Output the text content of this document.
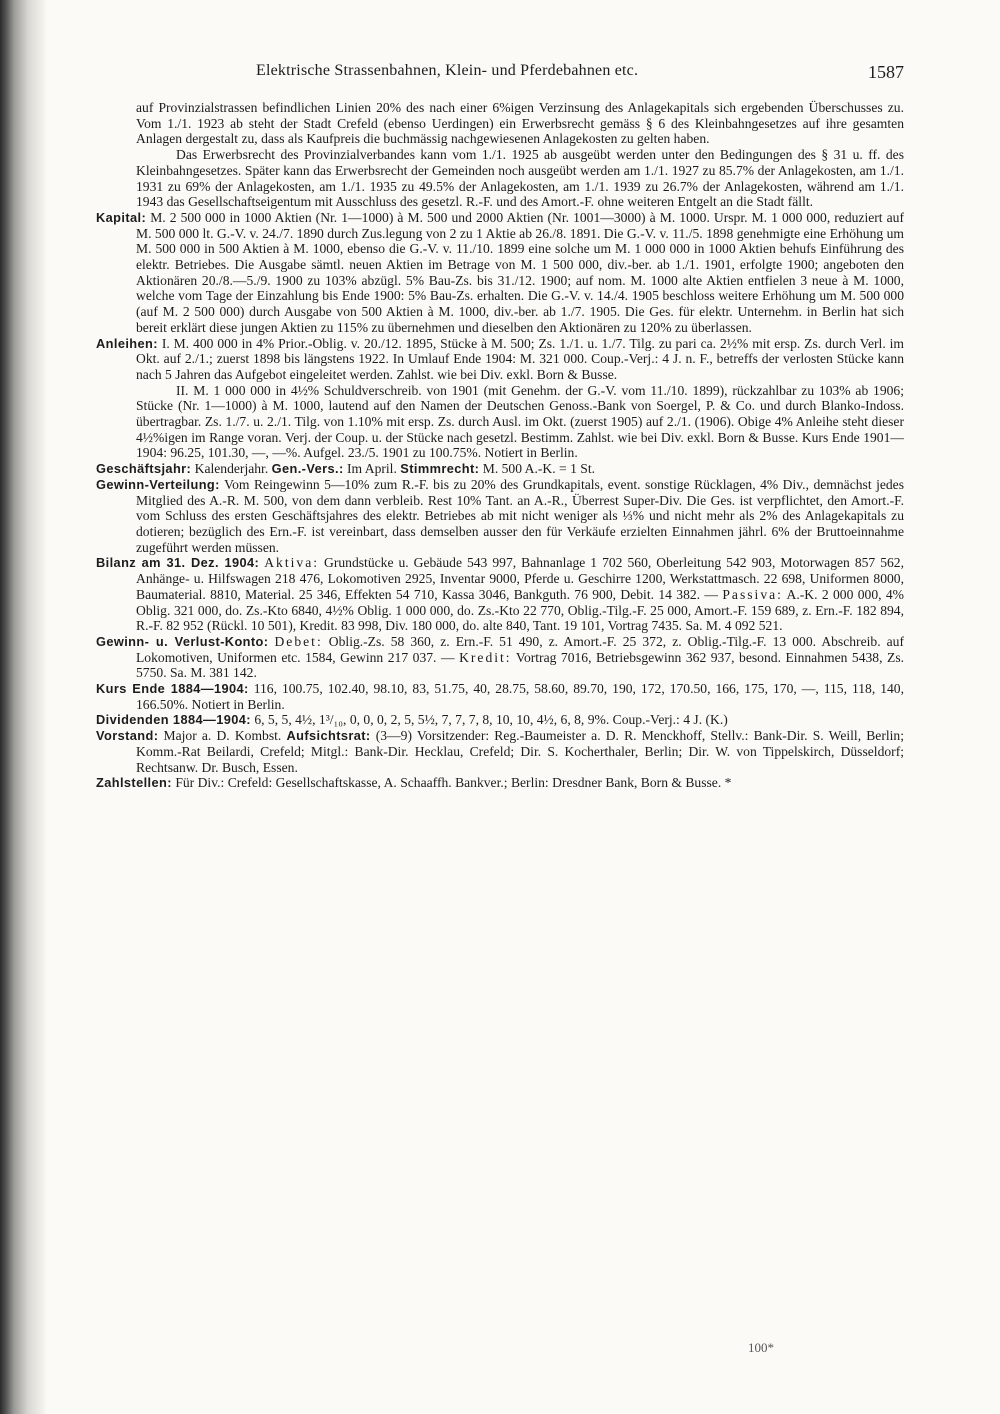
Elektrische Strassenbahnen, Klein- und Pferdebahnen etc.	1587

auf Provinzialstrassen befindlichen Linien 20% des nach einer 6%igen Verzinsung des Anlagekapitals sich ergebenden Überschusses zu. Vom 1./1. 1923 ab steht der Stadt Crefeld (ebenso Uerdingen) ein Erwerbsrecht gemäss § 6 des Kleinbahngesetzes auf ihre gesamten Anlagen dergestalt zu, dass als Kaufpreis die buchmässig nachgewiesenen Anlagekosten zu gelten haben.

Das Erwerbsrecht des Provinzialverbandes kann vom 1./1. 1925 ab ausgeübt werden unter den Bedingungen des § 31 u. ff. des Kleinbahngesetzes. Später kann das Erwerbsrecht der Gemeinden noch ausgeübt werden am 1./1. 1927 zu 85.7% der Anlagekosten, am 1./1. 1931 zu 69% der Anlagekosten, am 1./1. 1935 zu 49.5% der Anlagekosten, am 1./1. 1939 zu 26.7% der Anlagekosten, während am 1./1. 1943 das Gesellschaftseigentum mit Ausschluss des gesetzl. R.-F. und des Amort.-F. ohne weiteren Entgelt an die Stadt fällt.

Kapital: M. 2 500 000 in 1000 Aktien (Nr. 1—1000) à M. 500 und 2000 Aktien (Nr. 1001—3000) à M. 1000. Urspr. M. 1 000 000, reduziert auf M. 500 000 lt. G.-V. v. 24./7. 1890 durch Zus.legung von 2 zu 1 Aktie ab 26./8. 1891. Die G.-V. v. 11./5. 1898 genehmigte eine Erhöhung um M. 500 000 in 500 Aktien à M. 1000, ebenso die G.-V. v. 11./10. 1899 eine solche um M. 1 000 000 in 1000 Aktien behufs Einführung des elektr. Betriebes. Die Ausgabe sämtl. neuen Aktien im Betrage von M. 1 500 000, div.-ber. ab 1./1. 1901, erfolgte 1900; angeboten den Aktionären 20./8.—5./9. 1900 zu 103% abzügl. 5% Bau-Zs. bis 31./12. 1900; auf nom. M. 1000 alte Aktien entfielen 3 neue à M. 1000, welche vom Tage der Einzahlung bis Ende 1900: 5% Bau-Zs. erhalten. Die G.-V. v. 14./4. 1905 beschloss weitere Erhöhung um M. 500 000 (auf M. 2 500 000) durch Ausgabe von 500 Aktien à M. 1000, div.-ber. ab 1./7. 1905. Die Ges. für elektr. Unternehm. in Berlin hat sich bereit erklärt diese jungen Aktien zu 115% zu übernehmen und dieselben den Aktionären zu 120% zu überlassen.

Anleihen: I. M. 400 000 in 4% Prior.-Oblig. v. 20./12. 1895, Stücke à M. 500; Zs. 1./1. u. 1./7. Tilg. zu pari ca. 2½% mit ersp. Zs. durch Verl. im Okt. auf 2./1.; zuerst 1898 bis längstens 1922. In Umlauf Ende 1904: M. 321 000. Coup.-Verj.: 4 J. n. F., betreffs der verlosten Stücke kann nach 5 Jahren das Aufgebot eingeleitet werden. Zahlst. wie bei Div. exkl. Born & Busse.

II. M. 1 000 000 in 4½% Schuldverschreib. von 1901 (mit Genehm. der G.-V. vom 11./10. 1899), rückzahlbar zu 103% ab 1906; Stücke (Nr. 1—1000) à M. 1000, lautend auf den Namen der Deutschen Genoss.-Bank von Soergel, P. & Co. und durch Blanko-Indoss. übertragbar. Zs. 1./7. u. 2./1. Tilg. von 1.10% mit ersp. Zs. durch Ausl. im Okt. (zuerst 1905) auf 2./1. (1906). Obige 4% Anleihe steht dieser 4½%igen im Range voran. Verj. der Coup. u. der Stücke nach gesetzl. Bestimm. Zahlst. wie bei Div. exkl. Born & Busse. Kurs Ende 1901—1904: 96.25, 101.30, —, —%. Aufgel. 23./5. 1901 zu 100.75%. Notiert in Berlin.

Geschäftsjahr: Kalenderjahr. Gen.-Vers.: Im April. Stimmrecht: M. 500 A.-K. = 1 St.

Gewinn-Verteilung: Vom Reingewinn 5—10% zum R.-F. bis zu 20% des Grundkapitals, event. sonstige Rücklagen, 4% Div., demnächst jedes Mitglied des A.-R. M. 500, von dem dann verbleib. Rest 10% Tant. an A.-R., Überrest Super-Div. Die Ges. ist verpflichtet, den Amort.-F. vom Schluss des ersten Geschäftsjahres des elektr. Betriebes ab mit nicht weniger als ⅓% und nicht mehr als 2% des Anlagekapitals zu dotieren; bezüglich des Ern.-F. ist vereinbart, dass demselben ausser den für Verkäufe erzielten Einnahmen jährl. 6% der Bruttoeinnahme zugeführt werden müssen.

Bilanz am 31. Dez. 1904: Aktiva: Grundstücke u. Gebäude 543 997, Bahnanlage 1 702 560, Oberleitung 542 903, Motorwagen 857 562, Anhänge- u. Hilfswagen 218 476, Lokomotiven 2925, Inventar 9000, Pferde u. Geschirre 1200, Werkstattmasch. 22 698, Uniformen 8000, Baumaterial. 8810, Material. 25 346, Effekten 54 710, Kassa 3046, Bankguth. 76 900, Debit. 14 382. — Passiva: A.-K. 2 000 000, 4% Oblig. 321 000, do. Zs.-Kto 6840, 4½% Oblig. 1 000 000, do. Zs.-Kto 22 770, Oblig.-Tilg.-F. 25 000, Amort.-F. 159 689, z. Ern.-F. 182 894, R.-F. 82 952 (Rückl. 10 501), Kredit. 83 998, Div. 180 000, do. alte 840, Tant. 19 101, Vortrag 7435. Sa. M. 4 092 521.

Gewinn- u. Verlust-Konto: Debet: Oblig.-Zs. 58 360, z. Ern.-F. 51 490, z. Amort.-F. 25 372, z. Oblig.-Tilg.-F. 13 000. Abschreib. auf Lokomotiven, Uniformen etc. 1584, Gewinn 217 037. — Kredit: Vortrag 7016, Betriebsgewinn 362 937, besond. Einnahmen 5438, Zs. 5750. Sa. M. 381 142.

Kurs Ende 1884—1904: 116, 100.75, 102.40, 98.10, 83, 51.75, 40, 28.75, 58.60, 89.70, 190, 172, 170.50, 166, 175, 170, —, 115, 118, 140, 166.50%. Notiert in Berlin.

Dividenden 1884—1904: 6, 5, 5, 4½, 1³/₁₀, 0, 0, 0, 2, 5, 5½, 7, 7, 7, 8, 10, 10, 4½, 6, 8, 9%. Coup.-Verj.: 4 J. (K.)

Vorstand: Major a. D. Kombst. Aufsichtsrat: (3—9) Vorsitzender: Reg.-Baumeister a. D. R. Menckhoff, Stellv.: Bank-Dir. S. Weill, Berlin; Komm.-Rat Beilardi, Crefeld; Mitgl.: Bank-Dir. Hecklau, Crefeld; Dir. S. Kocherthaler, Berlin; Dir. W. von Tippelskirch, Düsseldorf; Rechtsanw. Dr. Busch, Essen.

Zahlstellen: Für Div.: Crefeld: Gesellschaftskasse, A. Schaaffh. Bankver.; Berlin: Dresdner Bank, Born & Busse. *

100*
